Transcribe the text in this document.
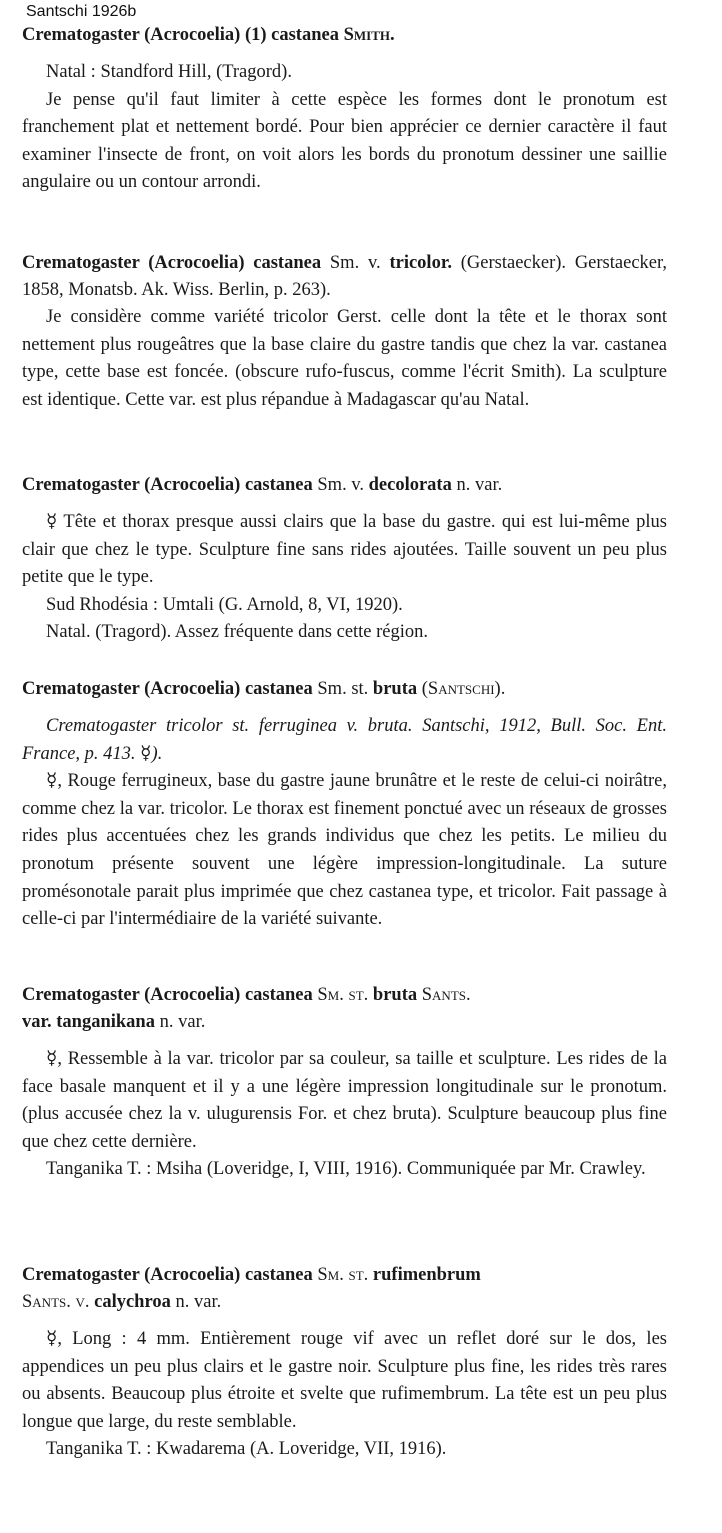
Santschi 1926b

Crematogaster (Acrocoelia) (1) castanea Smith.

Natal : Standford Hill, (Tragord).

Je pense qu'il faut limiter à cette espèce les formes dont le pronotum est franchement plat et nettement bordé. Pour bien apprécier ce dernier caractère il faut examiner l'insecte de front, on voit alors les bords du pronotum dessiner une saillie angulaire ou un contour arrondi.

Crematogaster (Acrocoelia) castanea Sm. v. tricolor. (Gerstaecker). Gerstaecker, 1858, Monatsb. Ak. Wiss. Berlin, p. 263).

Je considère comme variété tricolor Gerst. celle dont la tête et le thorax sont nettement plus rougeâtres que la base claire du gastre tandis que chez la var. castanea type, cette base est foncée. (obscure rufo-fuscus, comme l'écrit Smith). La sculpture est identique. Cette var. est plus répandue à Madagascar qu'au Natal.

Crematogaster (Acrocoelia) castanea Sm. v. decolorata n. var.

☿ Tête et thorax presque aussi clairs que la base du gastre. qui est lui-même plus clair que chez le type. Sculpture fine sans rides ajoutées. Taille souvent un peu plus petite que le type.

Sud Rhodésia : Umtali (G. Arnold, 8, VI, 1920).

Natal. (Tragord). Assez fréquente dans cette région.

Crematogaster (Acrocoelia) castanea Sm. st. bruta (Santschi).

Crematogaster tricolor st. ferruginea v. bruta. Santschi, 1912, Bull. Soc. Ent. France, p. 413. ☿).

☿, Rouge ferrugineux, base du gastre jaune brunâtre et le reste de celui-ci noirâtre, comme chez la var. tricolor. Le thorax est finement ponctué avec un réseaux de grosses rides plus accentuées chez les grands individus que chez les petits. Le milieu du pronotum présente souvent une légère impression-longitudinale. La suture promésonotale parait plus imprimée que chez castanea type, et tricolor. Fait passage à celle-ci par l'intermédiaire de la variété suivante.

Crematogaster (Acrocoelia) castanea Sm. st. bruta Sants.
var. tanganikana n. var.

☿, Ressemble à la var. tricolor par sa couleur, sa taille et sculpture. Les rides de la face basale manquent et il y a une légère impression longitudinale sur le pronotum. (plus accusée chez la v. ulugurensis For. et chez bruta). Sculpture beaucoup plus fine que chez cette dernière.

Tanganika T. : Msiha (Loveridge, I, VIII, 1916). Communiquée par Mr. Crawley.

Crematogaster (Acrocoelia) castanea Sm. st. rufimenbrum
Sants. v. calychroa n. var.

☿, Long : 4 mm. Entièrement rouge vif avec un reflet doré sur le dos, les appendices un peu plus clairs et le gastre noir. Sculpture plus fine, les rides très rares ou absents. Beaucoup plus étroite et svelte que rufimembrum. La tête est un peu plus longue que large, du reste semblable.

Tanganika T. : Kwadarema (A. Loveridge, VII, 1916).
